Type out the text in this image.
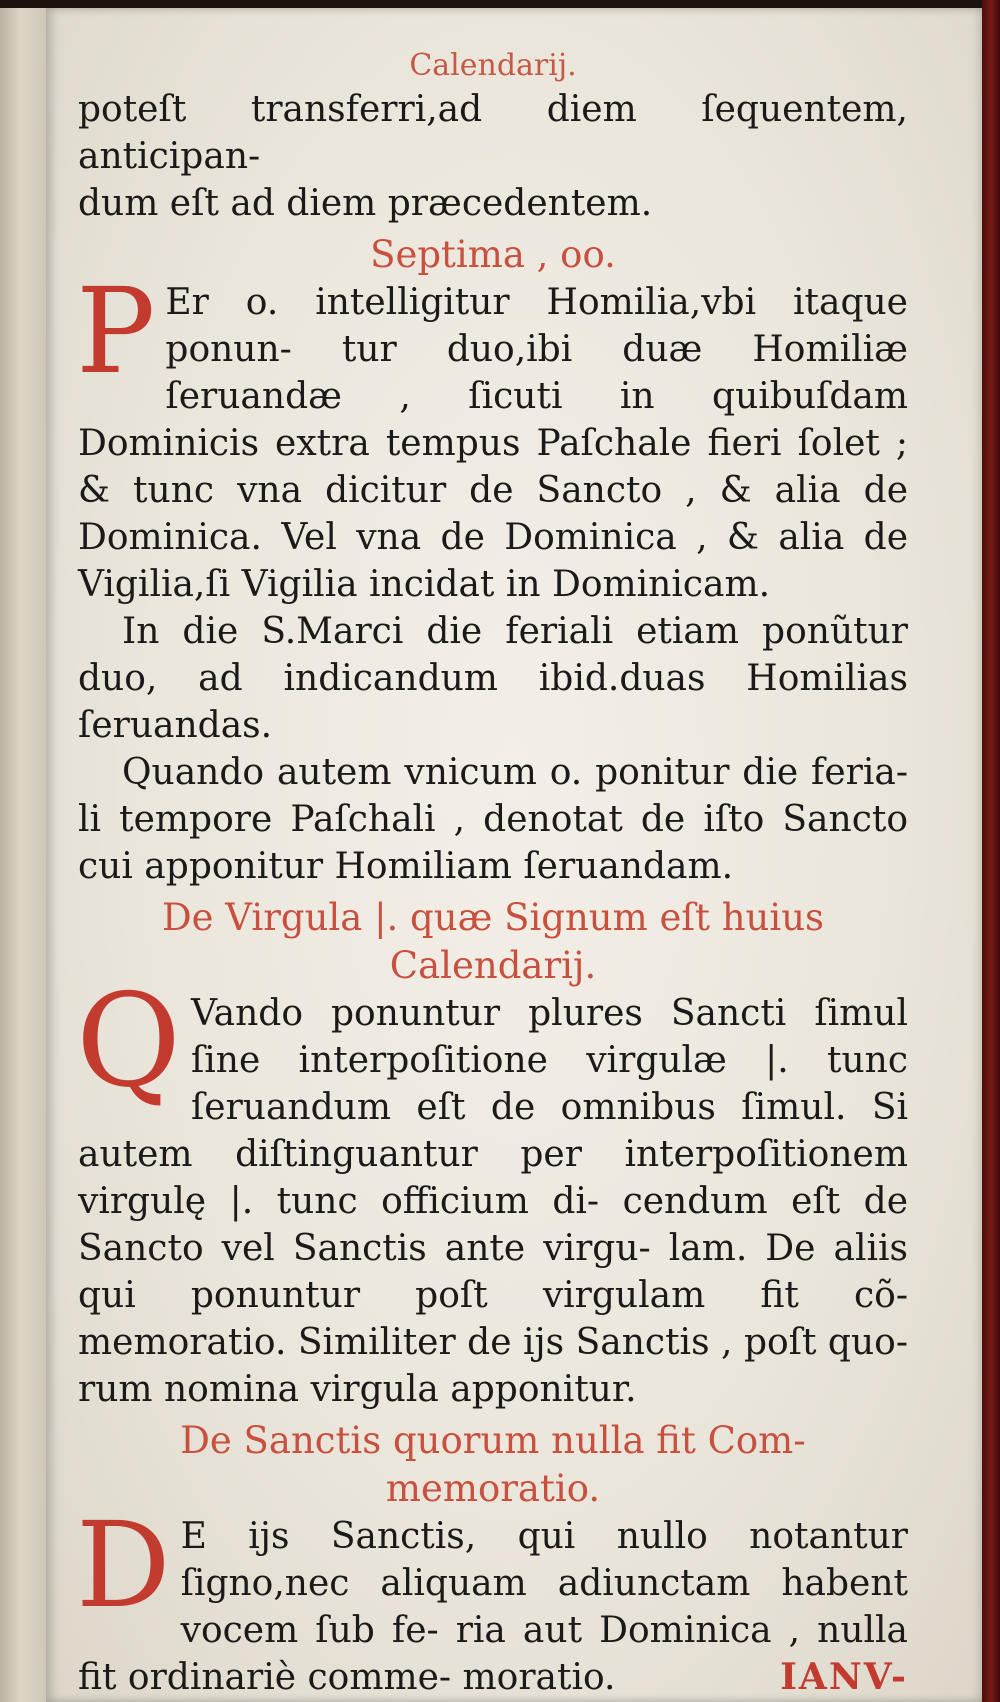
Calendarij.

poteſt transferri,ad diem ſequentem, anticipan-

dum eſt ad diem præcedentem.

Septima , oo.

P Er o. intelligitur Homilia,vbi itaque ponun- tur duo,ibi duæ Homiliæ ſeruandæ , ſicuti in quibuſdam Dominicis extra tempus Paſchale fieri ſolet ; & tunc vna dicitur de Sancto , & alia de Dominica. Vel vna de Dominica , & alia de Vigilia,ſi Vigilia incidat in Dominicam.

In die S.Marci die feriali etiam ponũtur duo, ad indicandum ibid.duas Homilias ſeruandas.

Quando autem vnicum o. ponitur die feria- li tempore Paſchali , denotat de iſto Sancto cui apponitur Homiliam ſeruandam.

De Virgula |. quæ Signum eſt huius
Calendarij.

Q Vando ponuntur plures Sancti ſimul ſine interpoſitione virgulæ |. tunc ſeruandum eſt de omnibus ſimul. Si autem diſtinguantur per interpoſitionem virgulę |. tunc officium di- cendum eſt de Sancto vel Sanctis ante virgu- lam. De aliis qui ponuntur poſt virgulam fit cõ- memoratio. Similiter de ijs Sanctis , poſt quo- rum nomina virgula apponitur.

De Sanctis quorum nulla fit Com-
memoratio.

D E ijs Sanctis, qui nullo notantur ſigno,nec aliquam adiunctam habent vocem ſub fe- ria aut Dominica , nulla fit ordinariè comme- moratio.	IANV-
